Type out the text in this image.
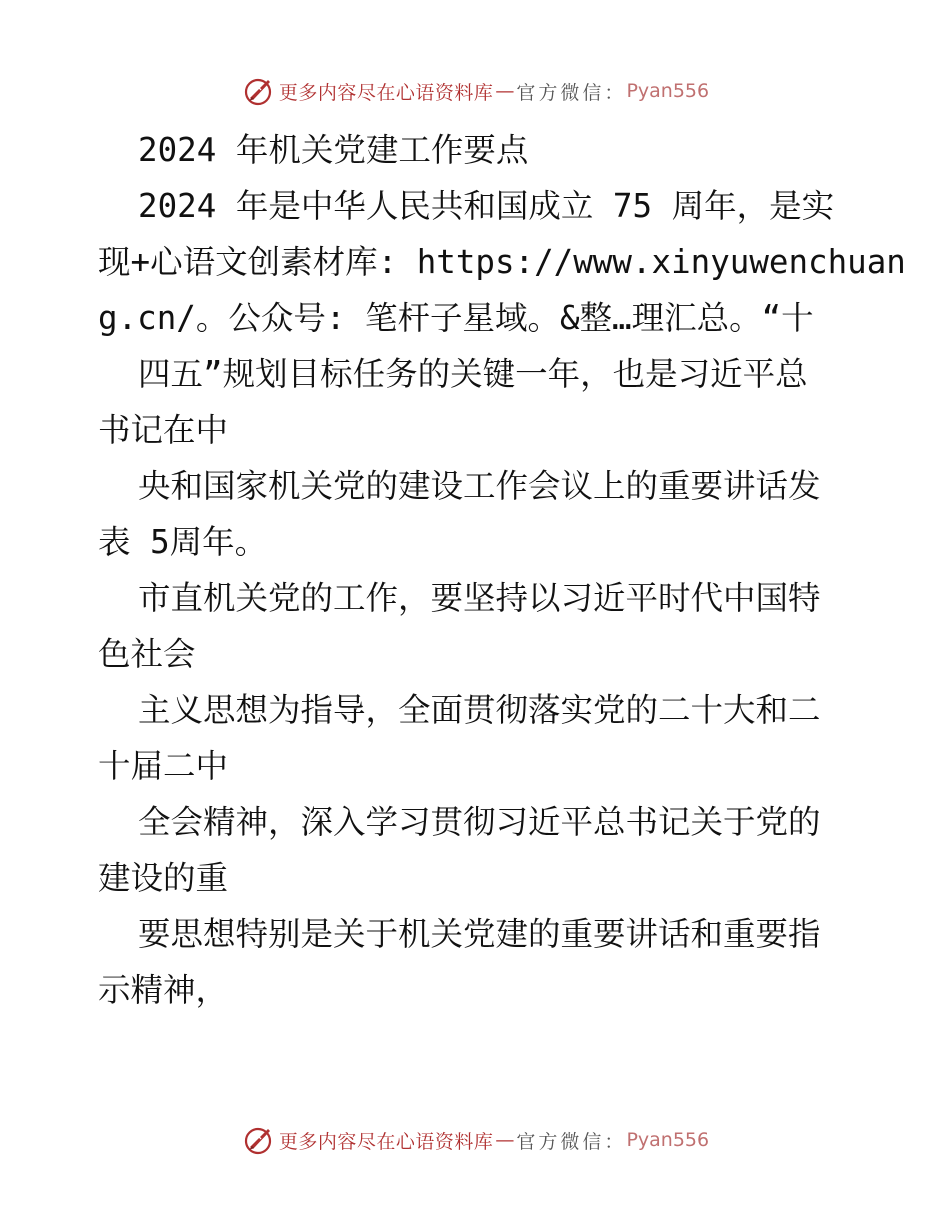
更多内容尽在心语资料库 — 官方微信： Pyan556
2024 年机关党建工作要点
2024 年是中华人民共和国成立 75 周年，是实
现+心语文创素材库: https://www.xinyuwenchuan
g.cn/。公众号: 笔杆子星域。&整…理汇总。“十
四五”规划目标任务的关键一年，也是习近平总
书记在中
央和国家机关党的建设工作会议上的重要讲话发
表 5周年。
市直机关党的工作，要坚持以习近平时代中国特
色社会
主义思想为指导，全面贯彻落实党的二十大和二
十届二中
全会精神，深入学习贯彻习近平总书记关于党的
建设的重
要思想特别是关于机关党建的重要讲话和重要指
示精神，
更多内容尽在心语资料库 — 官方微信： Pyan556
